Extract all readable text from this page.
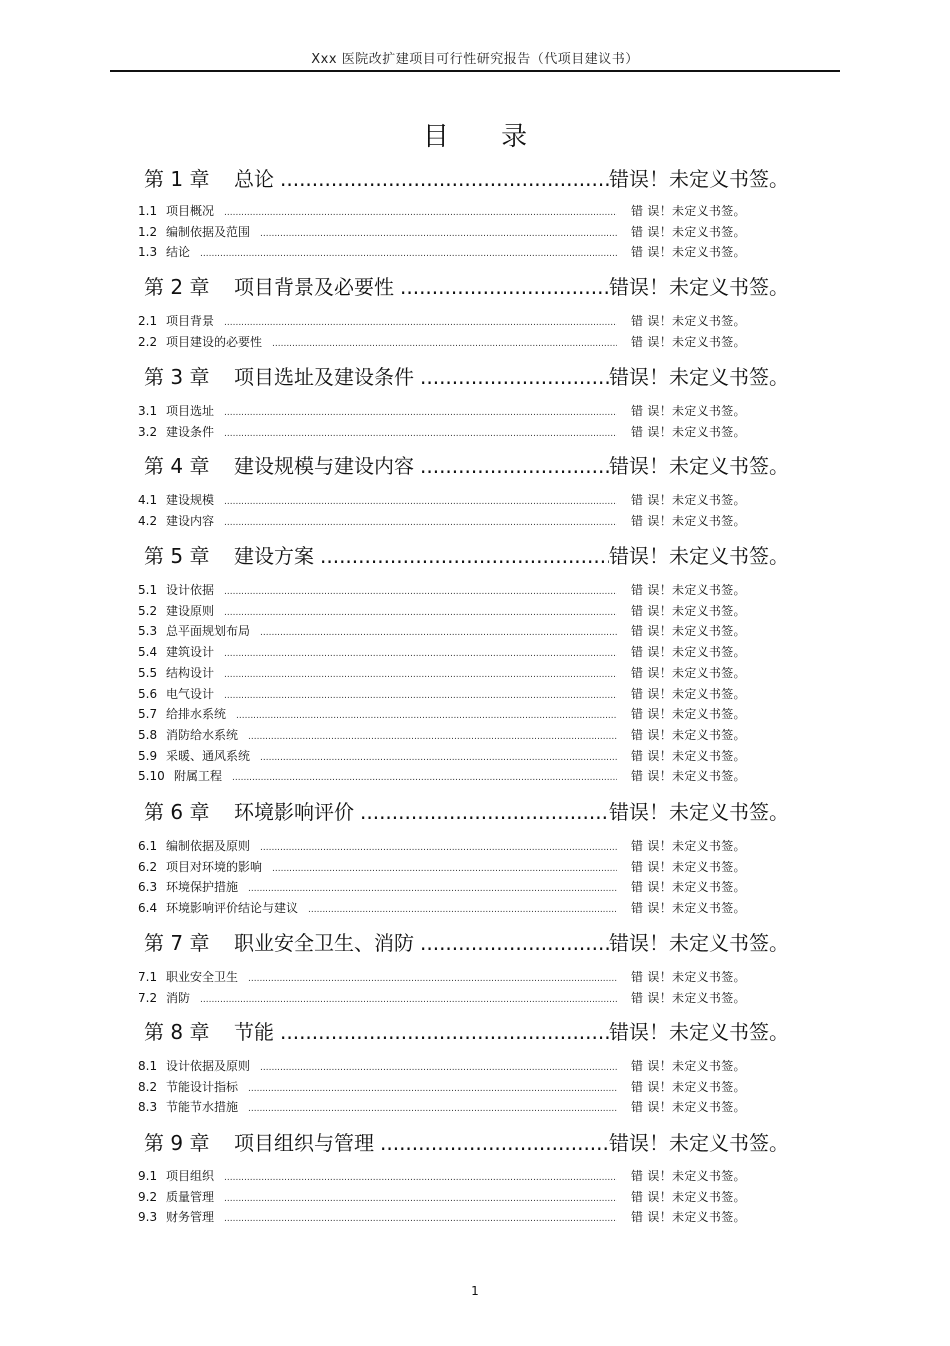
Xxx 医院改扩建项目可行性研究报告（代项目建议书）
目 录
第 1 章	总论 .....	错误！未定义书签。
1.1 项目概况 .....	错 误！未定义书签。
1.2 编制依据及范围 .....	错 误！未定义书签。
1.3 结论 .....	错 误！未定义书签。
第 2 章	项目背景及必要性 .....	错误！未定义书签。
2.1 项目背景 .....	错 误！未定义书签。
2.2 项目建设的必要性 .....	错 误！未定义书签。
第 3 章	项目选址及建设条件 .....	错误！未定义书签。
3.1 项目选址 .....	错 误！未定义书签。
3.2 建设条件 .....	错 误！未定义书签。
第 4 章	建设规模与建设内容 .....	错误！未定义书签。
4.1 建设规模 .....	错 误！未定义书签。
4.2 建设内容 .....	错 误！未定义书签。
第 5 章	建设方案 .....	错误！未定义书签。
5.1 设计依据 .....	错 误！未定义书签。
5.2 建设原则 .....	错 误！未定义书签。
5.3 总平面规划布局 .....	错 误！未定义书签。
5.4 建筑设计 .....	错 误！未定义书签。
5.5 结构设计 .....	错 误！未定义书签。
5.6 电气设计 .....	错 误！未定义书签。
5.7 给排水系统 .....	错 误！未定义书签。
5.8 消防给水系统 .....	错 误！未定义书签。
5.9 采暖、通风系统 .....	错 误！未定义书签。
5.10 附属工程 .....	错 误！未定义书签。
第 6 章	环境影响评价 .....	错误！未定义书签。
6.1 编制依据及原则 .....	错 误！未定义书签。
6.2 项目对环境的影响 .....	错 误！未定义书签。
6.3 环境保护措施 .....	错 误！未定义书签。
6.4 环境影响评价结论与建议 .....	错 误！未定义书签。
第 7 章	职业安全卫生、消防 .....	错误！未定义书签。
7.1 职业安全卫生 .....	错 误！未定义书签。
7.2 消防 .....	错 误！未定义书签。
第 8 章	节能 .....	错误！未定义书签。
8.1 设计依据及原则 .....	错 误！未定义书签。
8.2 节能设计指标 .....	错 误！未定义书签。
8.3 节能节水措施 .....	错 误！未定义书签。
第 9 章	项目组织与管理 .....	错误！未定义书签。
9.1 项目组织 .....	错 误！未定义书签。
9.2 质量管理 .....	错 误！未定义书签。
9.3 财务管理 .....	错 误！未定义书签。
1
